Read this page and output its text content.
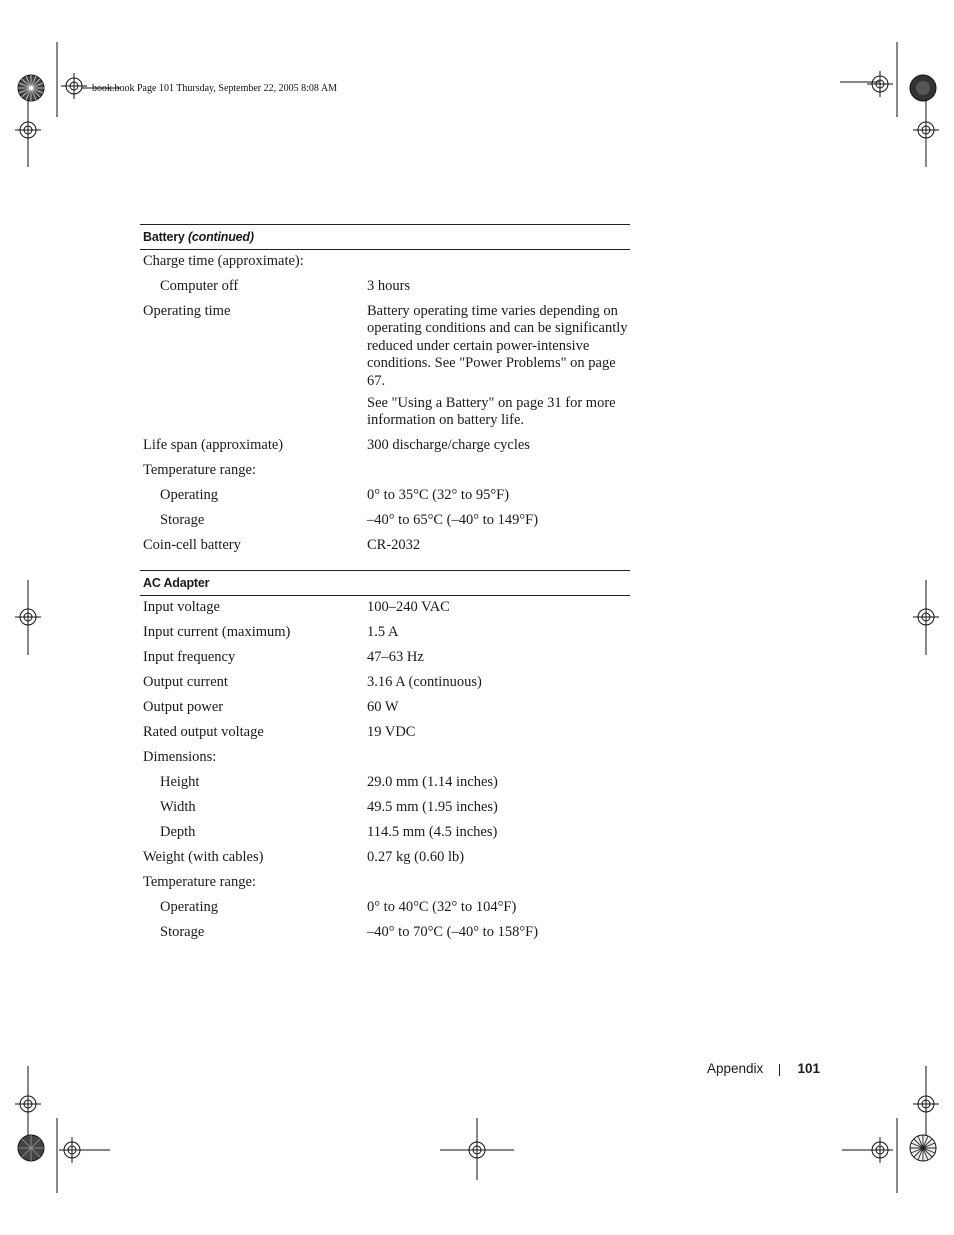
book.book Page 101 Thursday, September 22, 2005 8:08 AM
Battery (continued)
Charge time (approximate):
Computer off	3 hours
Operating time	Battery operating time varies depending on operating conditions and can be significantly reduced under certain power-intensive conditions. See "Power Problems" on page 67.

See "Using a Battery" on page 31 for more information on battery life.

Life span (approximate)	300 discharge/charge cycles
Temperature range:
Operating	0° to 35°C (32° to 95°F)
Storage	–40° to 65°C (–40° to 149°F)
Coin-cell battery	CR-2032
AC Adapter
Input voltage	100–240 VAC
Input current (maximum)	1.5 A
Input frequency	47–63 Hz
Output current	3.16 A (continuous)
Output power	60 W
Rated output voltage	19 VDC
Dimensions:
Height	29.0 mm (1.14 inches)
Width	49.5 mm (1.95 inches)
Depth	114.5 mm (4.5 inches)
Weight (with cables)	0.27 kg (0.60 lb)
Temperature range:
Operating	0° to 40°C (32° to 104°F)
Storage	–40° to 70°C (–40° to 158°F)
Appendix	101
